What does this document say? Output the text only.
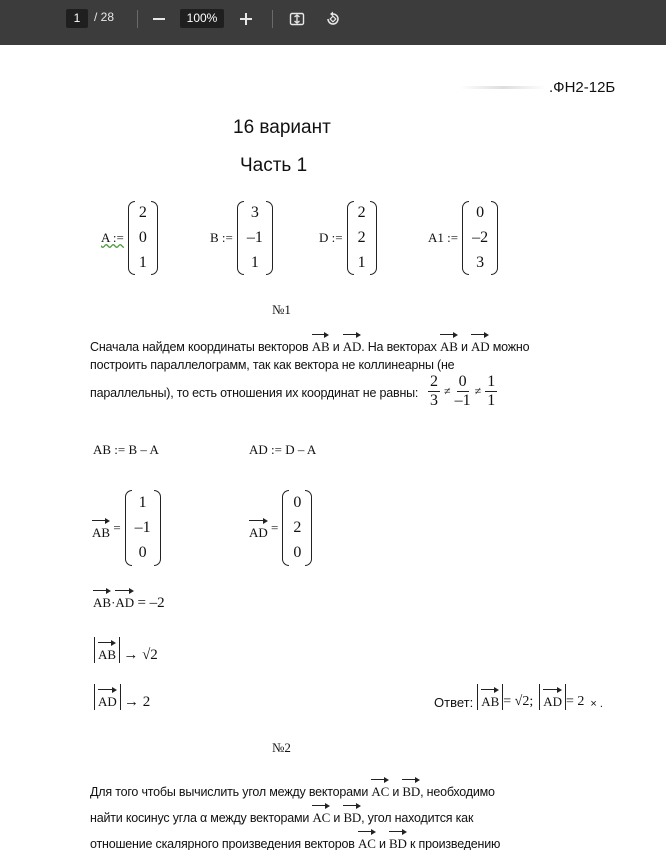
1	/ 28	100%
.ФН2-12Б
16 вариант
Часть 1
A :=
2
0
1
B :=
3
–1
1
D :=
2
2
1
A1 :=
0
–2
3
№1
Сначала найдем координаты векторов AB и AD. На векторах AB и AD можно
построить параллелограмм, так как вектора не коллинеарны (не
параллельны), то есть отношения их координат не равны: $\frac{2}{3} \ne \frac{0}{-1} \ne \frac{1}{1}$
AB := B – A	AD := D – A
AB
=
1
–1
0
AD
=
0
2
0
AB·AD = –2
AB → √2
AD → 2	Ответ: AB = √2; AD = 2 × .
№2
Для того чтобы вычислить угол между векторами AC и BD, необходимо
найти косинус угла α между векторами AC и BD, угол находится как
отношение скалярного произведения векторов AC и BD к произведению
